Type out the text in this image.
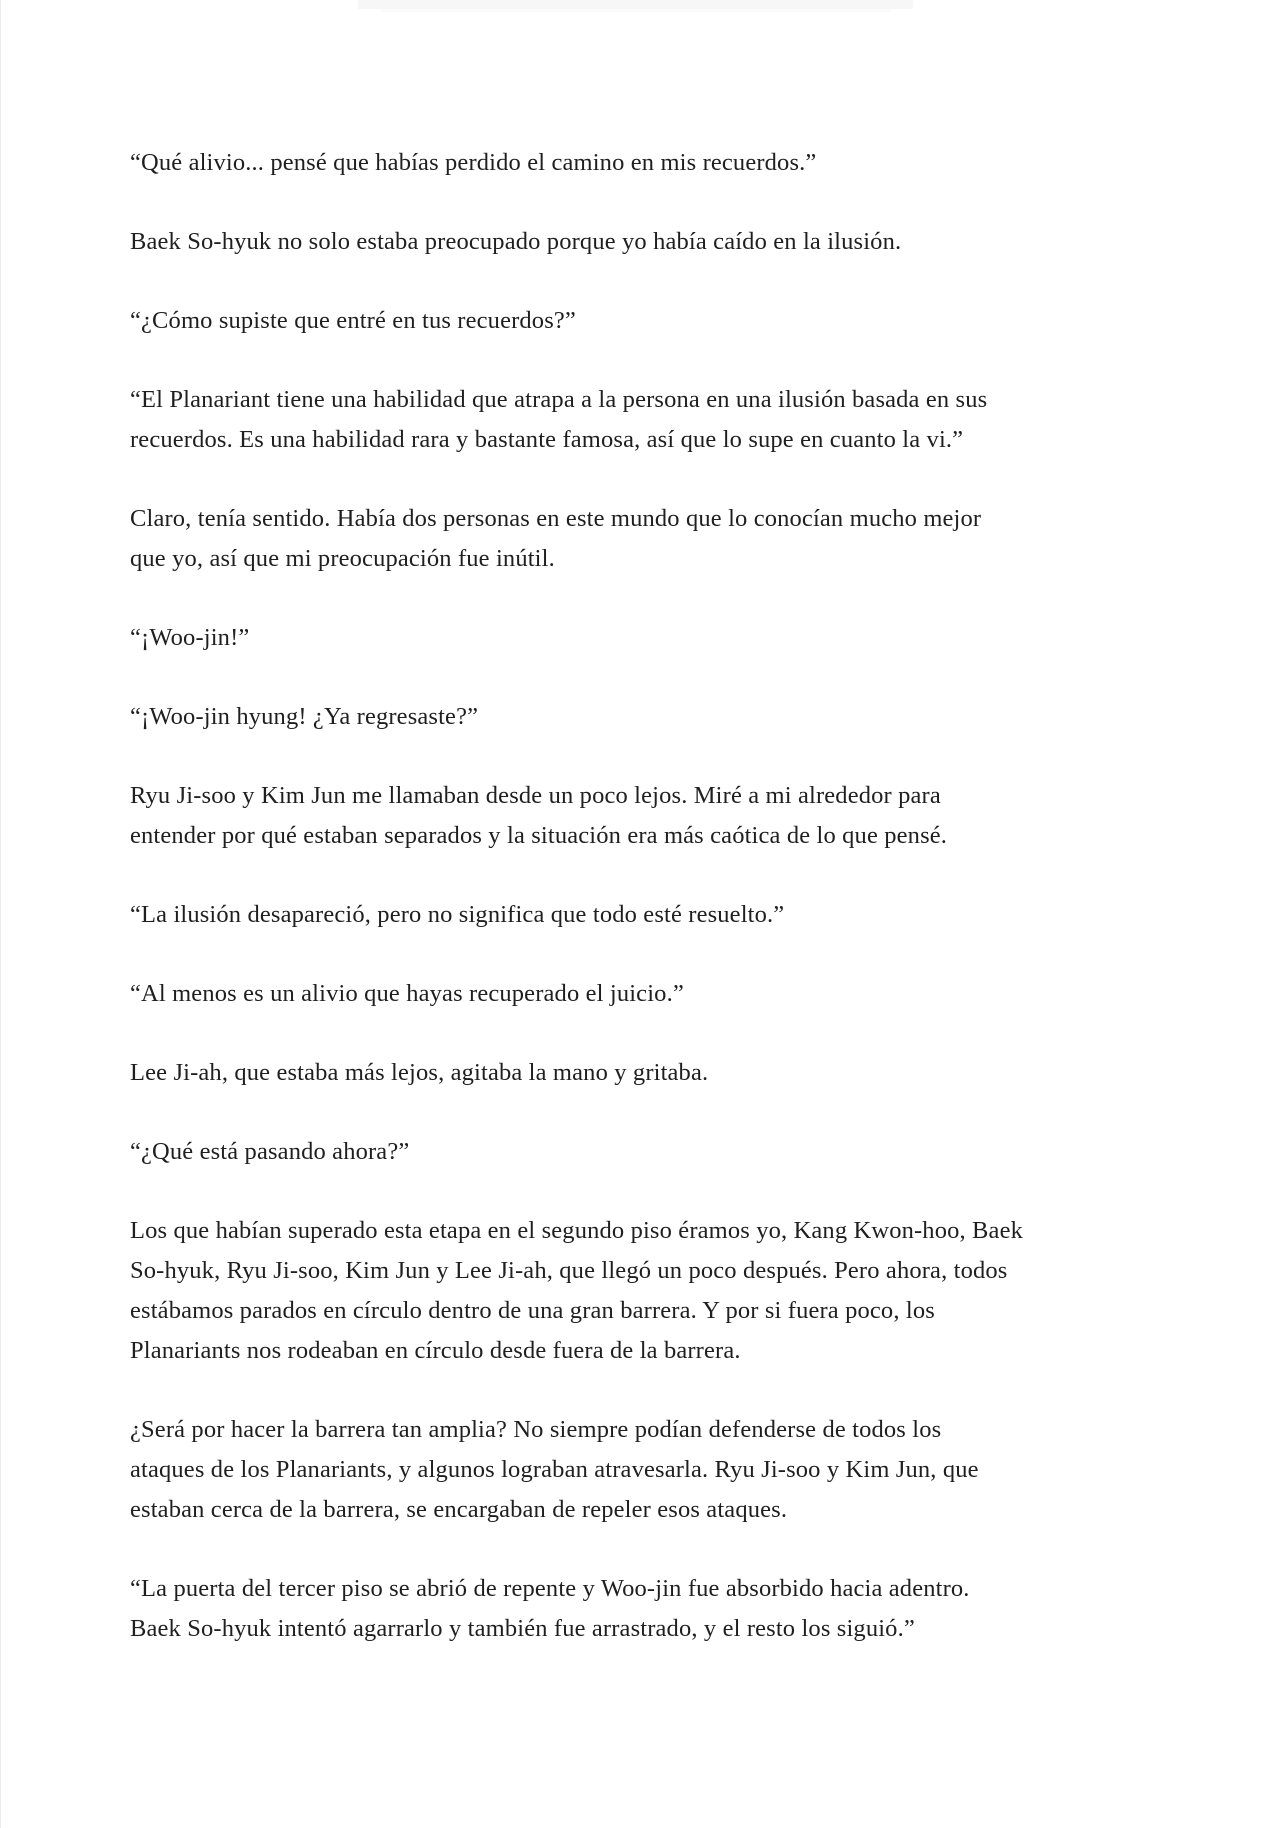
“Qué alivio... pensé que habías perdido el camino en mis recuerdos.”

Baek So-hyuk no solo estaba preocupado porque yo había caído en la ilusión.

“¿Cómo supiste que entré en tus recuerdos?”

“El Planariant tiene una habilidad que atrapa a la persona en una ilusión basada en sus
recuerdos. Es una habilidad rara y bastante famosa, así que lo supe en cuanto la vi.”

Claro, tenía sentido. Había dos personas en este mundo que lo conocían mucho mejor
que yo, así que mi preocupación fue inútil.

“¡Woo-jin!”

“¡Woo-jin hyung! ¿Ya regresaste?”

Ryu Ji-soo y Kim Jun me llamaban desde un poco lejos. Miré a mi alrededor para
entender por qué estaban separados y la situación era más caótica de lo que pensé.

“La ilusión desapareció, pero no significa que todo esté resuelto.”

“Al menos es un alivio que hayas recuperado el juicio.”

Lee Ji-ah, que estaba más lejos, agitaba la mano y gritaba.

“¿Qué está pasando ahora?”

Los que habían superado esta etapa en el segundo piso éramos yo, Kang Kwon-hoo, Baek
So-hyuk, Ryu Ji-soo, Kim Jun y Lee Ji-ah, que llegó un poco después. Pero ahora, todos
estábamos parados en círculo dentro de una gran barrera. Y por si fuera poco, los
Planariants nos rodeaban en círculo desde fuera de la barrera.

¿Será por hacer la barrera tan amplia? No siempre podían defenderse de todos los
ataques de los Planariants, y algunos lograban atravesarla. Ryu Ji-soo y Kim Jun, que
estaban cerca de la barrera, se encargaban de repeler esos ataques.

“La puerta del tercer piso se abrió de repente y Woo-jin fue absorbido hacia adentro.
Baek So-hyuk intentó agarrarlo y también fue arrastrado, y el resto los siguió.”
